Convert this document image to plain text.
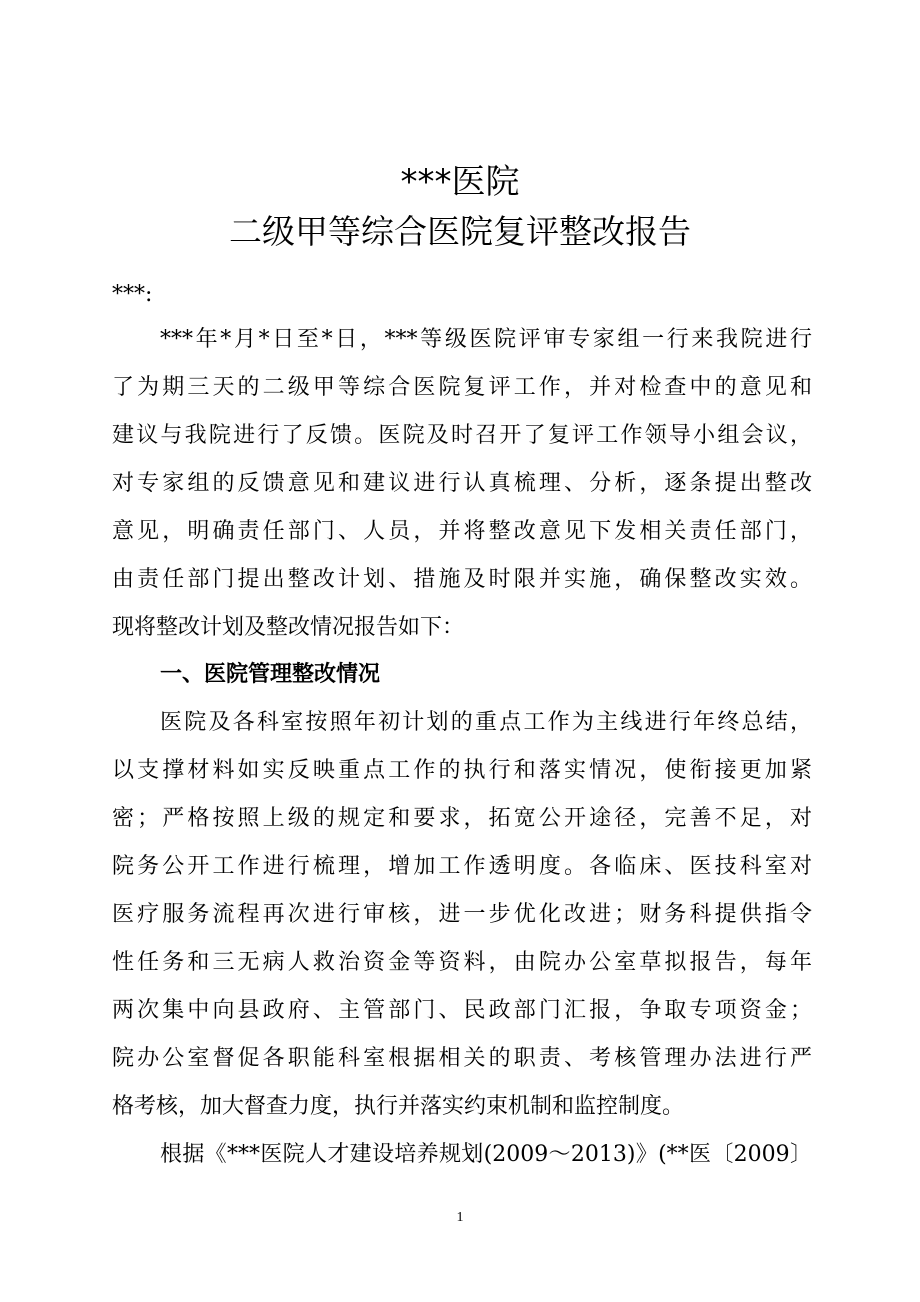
***医院
二级甲等综合医院复评整改报告
***:
***年*月*日至*日，***等级医院评审专家组一行来我院进行
了为期三天的二级甲等综合医院复评工作，并对检查中的意见和
建议与我院进行了反馈。医院及时召开了复评工作领导小组会议，
对专家组的反馈意见和建议进行认真梳理、分析，逐条提出整改
意见，明确责任部门、人员，并将整改意见下发相关责任部门，
由责任部门提出整改计划、措施及时限并实施，确保整改实效。
现将整改计划及整改情况报告如下：
一、医院管理整改情况
医院及各科室按照年初计划的重点工作为主线进行年终总结，
以支撑材料如实反映重点工作的执行和落实情况，使衔接更加紧
密；严格按照上级的规定和要求，拓宽公开途径，完善不足，对
院务公开工作进行梳理，增加工作透明度。各临床、医技科室对
医疗服务流程再次进行审核，进一步优化改进；财务科提供指令
性任务和三无病人救治资金等资料，由院办公室草拟报告，每年
两次集中向县政府、主管部门、民政部门汇报，争取专项资金；
院办公室督促各职能科室根据相关的职责、考核管理办法进行严
格考核，加大督查力度，执行并落实约束机制和监控制度。
根据《***医院人才建设培养规划(2009～2013)》(**医〔2009〕
1
